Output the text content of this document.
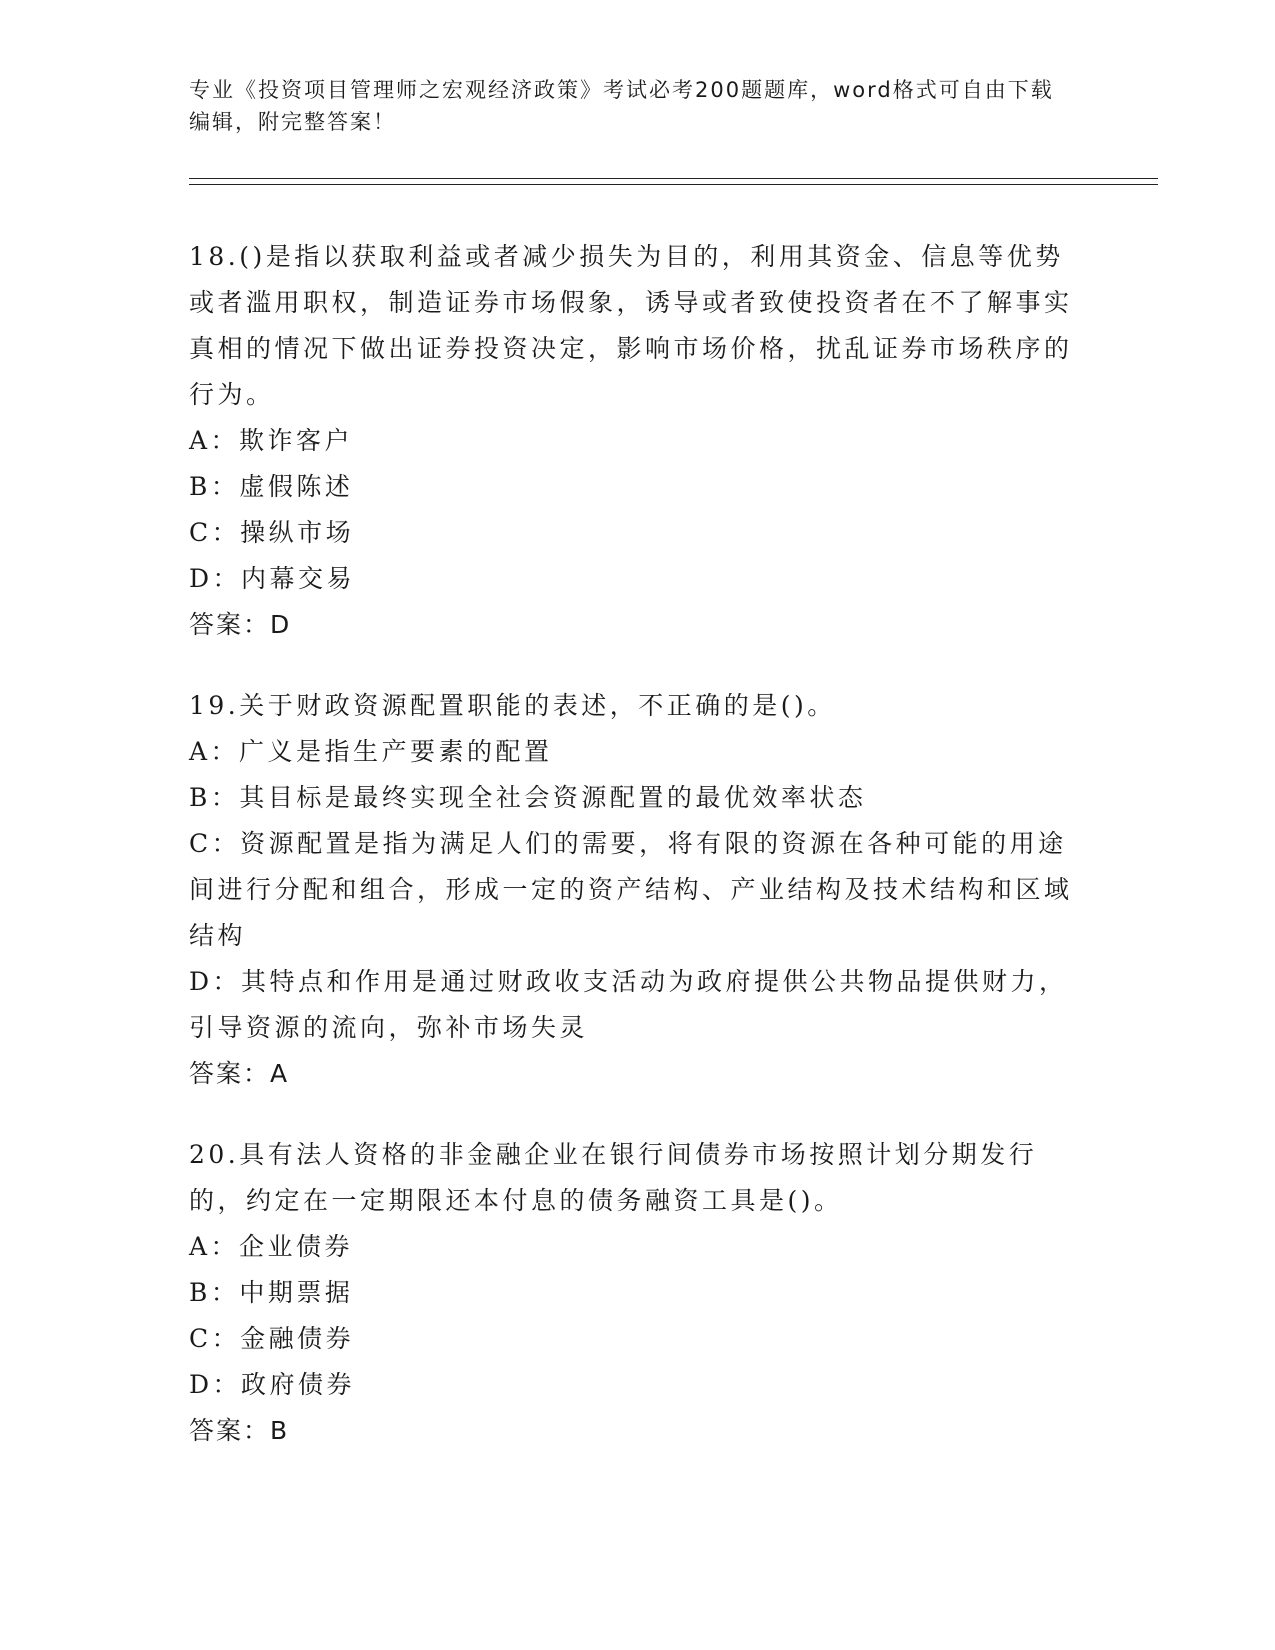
专业《投资项目管理师之宏观经济政策》考试必考200题题库，word格式可自由下载编辑，附完整答案！

18.()是指以获取利益或者减少损失为目的，利用其资金、信息等优势或者滥用职权，制造证券市场假象，诱导或者致使投资者在不了解事实真相的情况下做出证券投资决定，影响市场价格，扰乱证券市场秩序的行为。

A：欺诈客户

B：虚假陈述

C：操纵市场

D：内幕交易

答案：D

19.关于财政资源配置职能的表述，不正确的是()。

A：广义是指生产要素的配置

B：其目标是最终实现全社会资源配置的最优效率状态

C：资源配置是指为满足人们的需要，将有限的资源在各种可能的用途间进行分配和组合，形成一定的资产结构、产业结构及技术结构和区域结构

D：其特点和作用是通过财政收支活动为政府提供公共物品提供财力，引导资源的流向，弥补市场失灵

答案：A

20.具有法人资格的非金融企业在银行间债券市场按照计划分期发行的，约定在一定期限还本付息的债务融资工具是()。

A：企业债券

B：中期票据

C：金融债券

D：政府债券

答案：B
